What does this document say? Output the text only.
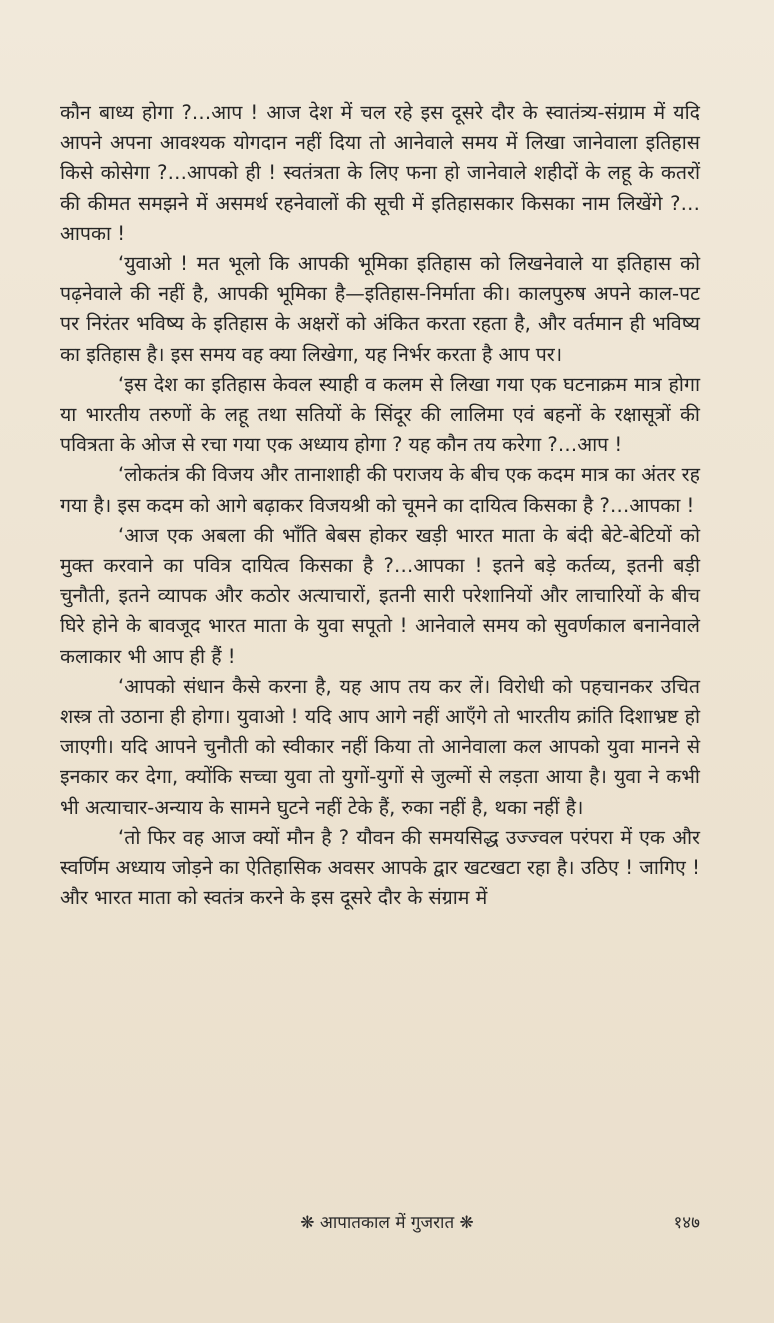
कौन बाध्य होगा ?…आप ! आज देश में चल रहे इस दूसरे दौर के स्वातंत्र्य-संग्राम में यदि आपने अपना आवश्यक योगदान नहीं दिया तो आनेवाले समय में लिखा जानेवाला इतिहास किसे कोसेगा ?…आपको ही ! स्वतंत्रता के लिए फना हो जानेवाले शहीदों के लहू के कतरों की कीमत समझने में असमर्थ रहनेवालों की सूची में इतिहासकार किसका नाम लिखेंगे ?…आपका !

‘युवाओ ! मत भूलो कि आपकी भूमिका इतिहास को लिखनेवाले या इतिहास को पढ़नेवाले की नहीं है, आपकी भूमिका है—इतिहास-निर्माता की। कालपुरुष अपने काल-पट पर निरंतर भविष्य के इतिहास के अक्षरों को अंकित करता रहता है, और वर्तमान ही भविष्य का इतिहास है। इस समय वह क्या लिखेगा, यह निर्भर करता है आप पर।

‘इस देश का इतिहास केवल स्याही व कलम से लिखा गया एक घटनाक्रम मात्र होगा या भारतीय तरुणों के लहू तथा सतियों के सिंदूर की लालिमा एवं बहनों के रक्षासूत्रों की पवित्रता के ओज से रचा गया एक अध्याय होगा ? यह कौन तय करेगा ?…आप !

‘लोकतंत्र की विजय और तानाशाही की पराजय के बीच एक कदम मात्र का अंतर रह गया है। इस कदम को आगे बढ़ाकर विजयश्री को चूमने का दायित्व किसका है ?…आपका !

‘आज एक अबला की भाँति बेबस होकर खड़ी भारत माता के बंदी बेटे-बेटियों को मुक्त करवाने का पवित्र दायित्व किसका है ?…आपका ! इतने बड़े कर्तव्य, इतनी बड़ी चुनौती, इतने व्यापक और कठोर अत्याचारों, इतनी सारी परेशानियों और लाचारियों के बीच घिरे होने के बावजूद भारत माता के युवा सपूतो ! आनेवाले समय को सुवर्णकाल बनानेवाले कलाकार भी आप ही हैं !

‘आपको संधान कैसे करना है, यह आप तय कर लें। विरोधी को पहचानकर उचित शस्त्र तो उठाना ही होगा। युवाओ ! यदि आप आगे नहीं आएँगे तो भारतीय क्रांति दिशाभ्रष्ट हो जाएगी। यदि आपने चुनौती को स्वीकार नहीं किया तो आनेवाला कल आपको युवा मानने से इनकार कर देगा, क्योंकि सच्चा युवा तो युगों-युगों से जुल्मों से लड़ता आया है। युवा ने कभी भी अत्याचार-अन्याय के सामने घुटने नहीं टेके हैं, रुका नहीं है, थका नहीं है।

‘तो फिर वह आज क्यों मौन है ? यौवन की समयसिद्ध उज्ज्वल परंपरा में एक और स्वर्णिम अध्याय जोड़ने का ऐतिहासिक अवसर आपके द्वार खटखटा रहा है। उठिए ! जागिए ! और भारत माता को स्वतंत्र करने के इस दूसरे दौर के संग्राम में

❋ आपातकाल में गुजरात ❋	१४७
